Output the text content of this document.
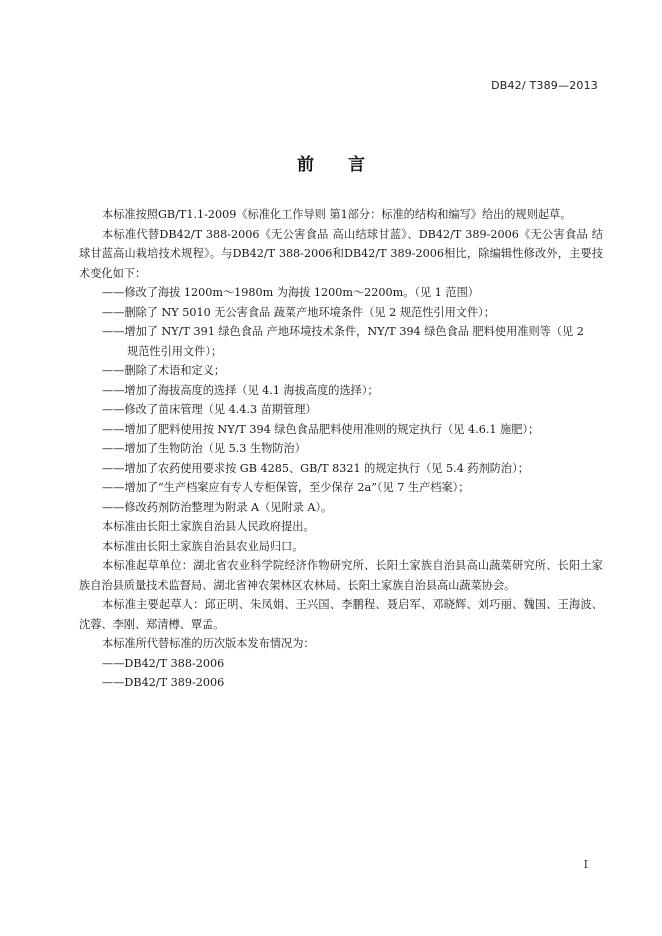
DB42/ T389—2013
前言

本标准按照GB/T1.1-2009《标准化工作导则 第1部分：标准的结构和编写》给出的规则起草。

本标准代替DB42/T 388-2006《无公害食品 高山结球甘蓝》、DB42/T 389-2006《无公害食品 结球甘蓝高山栽培技术规程》。与DB42/T 388-2006和DB42/T 389-2006相比，除编辑性修改外，主要技术变化如下：

——修改了海拔 1200m～1980m 为海拔 1200m～2200m。（见 1 范围）

——删除了 NY 5010 无公害食品 蔬菜产地环境条件（见 2 规范性引用文件）；

——增加了 NY/T 391 绿色食品 产地环境技术条件，NY/T 394 绿色食品 肥料使用准则等（见 2
规范性引用文件）；

——删除了术语和定义；

——增加了海拔高度的选择（见 4.1 海拔高度的选择）；

——修改了苗床管理（见 4.4.3 苗期管理）

——增加了肥料使用按 NY/T 394 绿色食品肥料使用准则的规定执行（见 4.6.1 施肥）；

——增加了生物防治（见 5.3 生物防治）

——增加了农药使用要求按 GB 4285、GB/T 8321 的规定执行（见 5.4 药剂防治）；

——增加了“生产档案应有专人专柜保管，至少保存 2a”（见 7 生产档案）；

——修改药剂防治整理为附录 A（见附录 A）。

本标准由长阳土家族自治县人民政府提出。

本标准由长阳土家族自治县农业局归口。

本标准起草单位：湖北省农业科学院经济作物研究所、长阳土家族自治县高山蔬菜研究所、长阳土家族自治县质量技术监督局、湖北省神农架林区农林局、长阳土家族自治县高山蔬菜协会。

本标准主要起草人：邱正明、朱凤娟、王兴国、李鹏程、聂启军、邓晓辉、刘巧丽、魏国、王海波、沈蓉、李刚、郑清樽、覃孟。

本标准所代替标准的历次版本发布情况为：

——DB42/T 388-2006

——DB42/T 389-2006

I
